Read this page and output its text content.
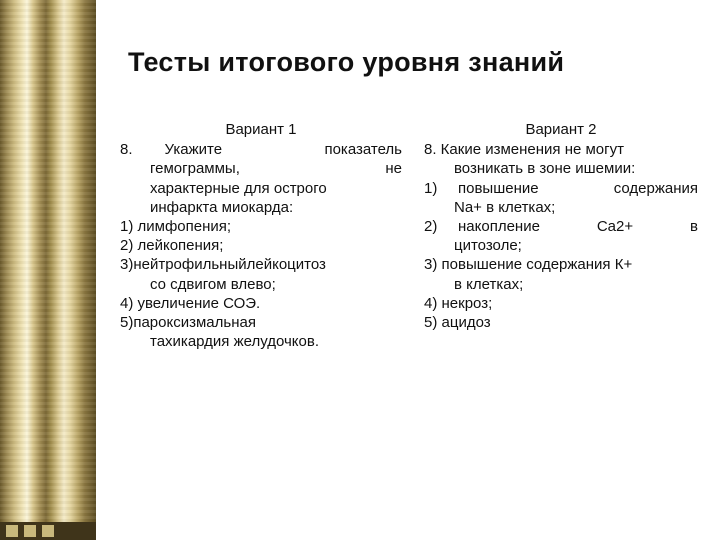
Тесты итогового уровня знаний
Вариант 1
8.	Укажите показатель
гемограммы, не
характерные для острого
инфаркта миокарда:
1) лимфопения;
2) лейкопения;
3)нейтрофильныйлейкоцитоз
со сдвигом влево;
4) увеличение СОЭ.
5)пароксизмальная
тахикардия желудочков.
Вариант 2
8. Какие изменения не могут
возникать в зоне ишемии:
1)	повышение содержания
Na+ в клетках;
2)	накопление Ca2+ в
цитозоле;
3) повышение содержания К+
в клетках;
4) некроз;
5) ацидоз
